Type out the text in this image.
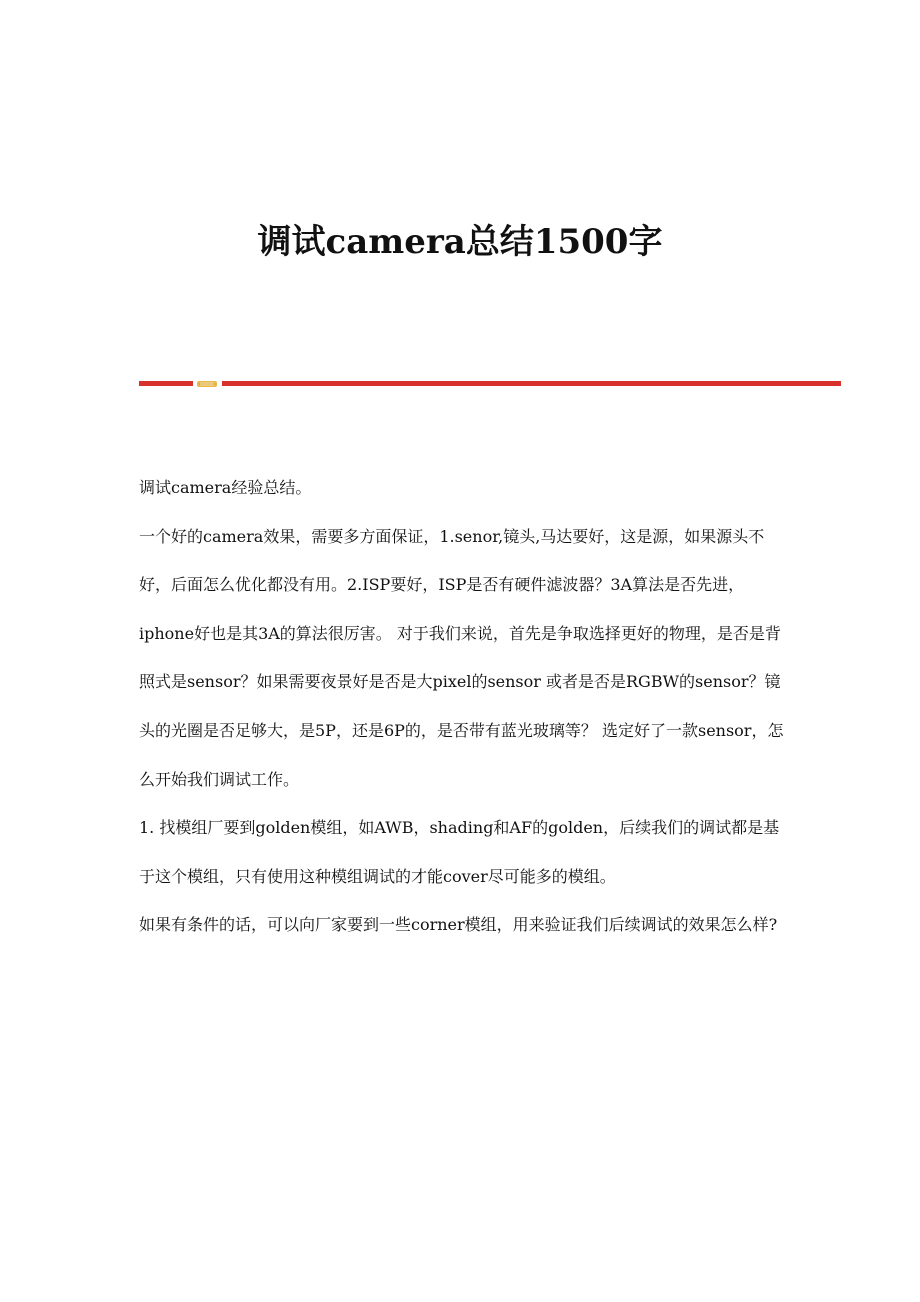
调试camera总结1500字

调试camera经验总结。

一个好的camera效果，需要多方面保证，1.senor,镜头,马达要好，这是源，如果源头不好，后面怎么优化都没有用。2.ISP要好，ISP是否有硬件滤波器？3A算法是否先进，iphone好也是其3A的算法很厉害。 对于我们来说，首先是争取选择更好的物理，是否是背照式是sensor？如果需要夜景好是否是大pixel的sensor 或者是否是RGBW的sensor？镜头的光圈是否足够大，是5P，还是6P的，是否带有蓝光玻璃等？ 选定好了一款sensor，怎么开始我们调试工作。

1. 找模组厂要到golden模组，如AWB，shading和AF的golden，后续我们的调试都是基于这个模组，只有使用这种模组调试的才能cover尽可能多的模组。

如果有条件的话，可以向厂家要到一些corner模组，用来验证我们后续调试的效果怎么样?
